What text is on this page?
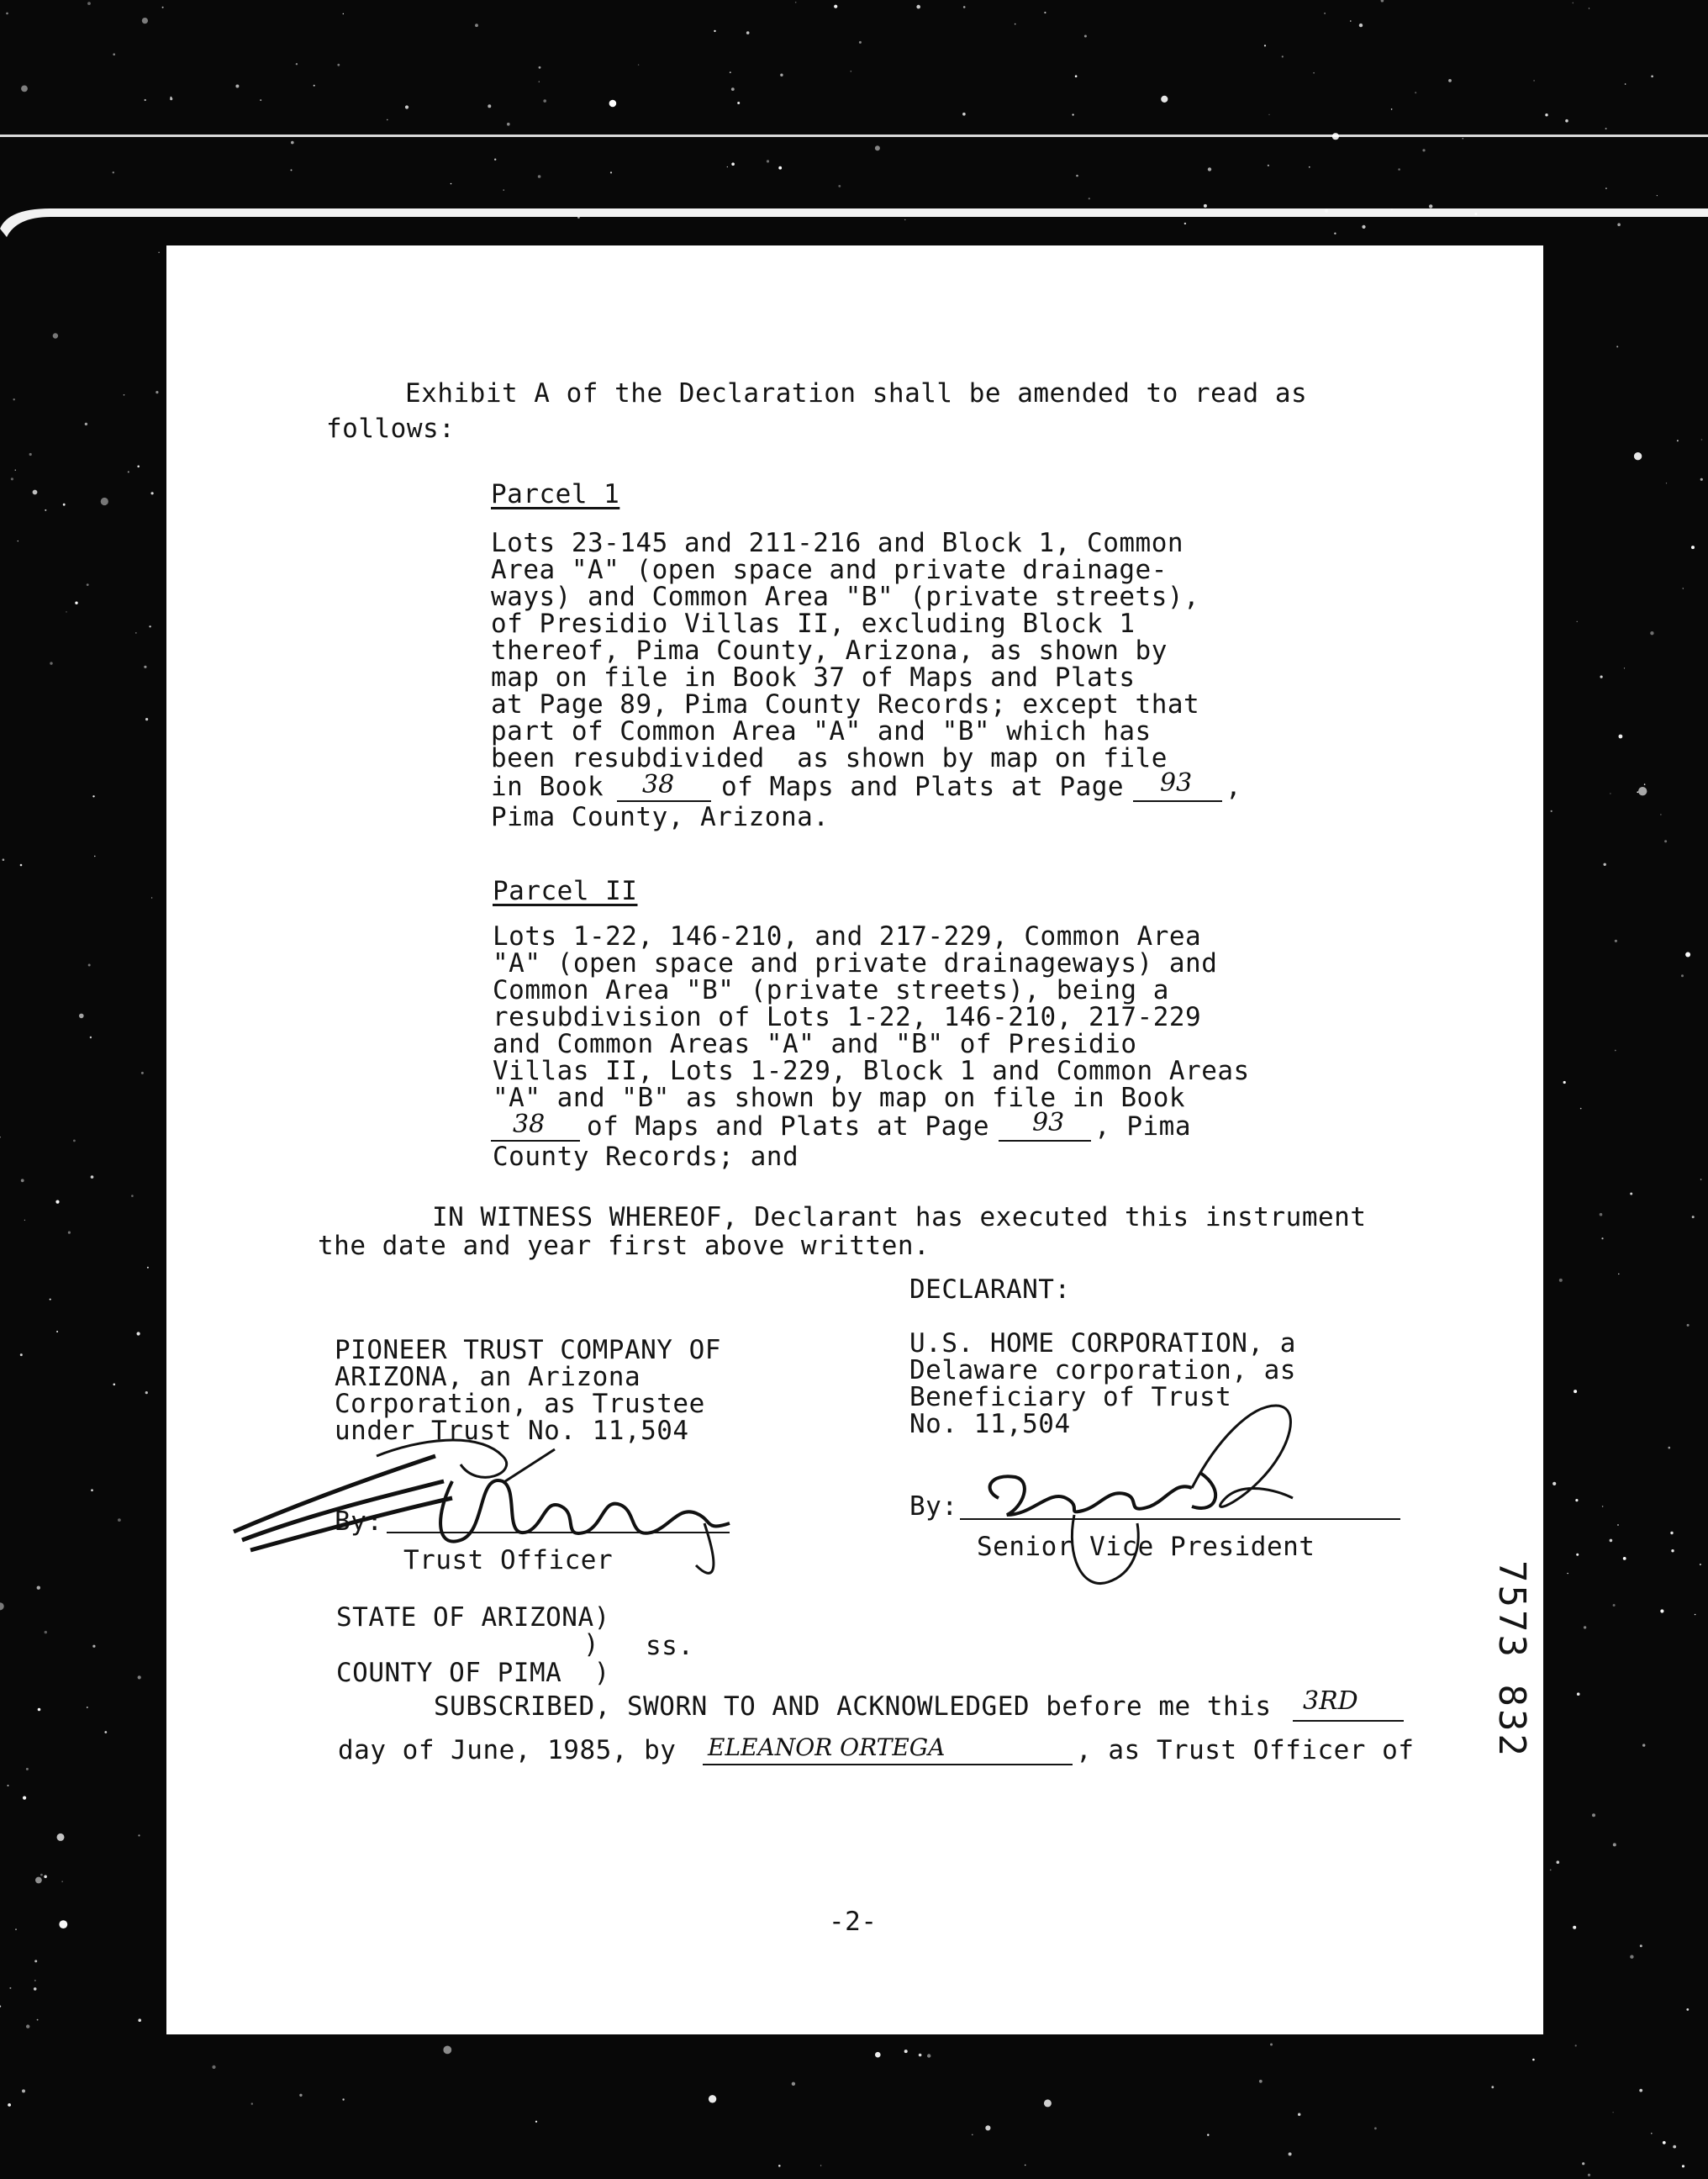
Exhibit A of the Declaration shall be amended to read as
follows:
Parcel 1
Lots 23-145 and 211-216 and Block 1, Common
Area "A" (open space and private drainage-
ways) and Common Area "B" (private streets),
of Presidio Villas II, excluding Block 1
thereof, Pima County, Arizona, as shown by
map on file in Book 37 of Maps and Plats
at Page 89, Pima County Records; except that
part of Common Area "A" and "B" which has
been resubdivided  as shown by map on file
in Book 38 of Maps and Plats at Page 93 ,
Pima County, Arizona.
Parcel II
Lots 1-22, 146-210, and 217-229, Common Area
"A" (open space and private drainageways) and
Common Area "B" (private streets), being a
resubdivision of Lots 1-22, 146-210, 217-229
and Common Areas "A" and "B" of Presidio
Villas II, Lots 1-229, Block 1 and Common Areas
"A" and "B" as shown by map on file in Book
38 of Maps and Plats at Page 93 , Pima
County Records; and
IN WITNESS WHEREOF, Declarant has executed this instrument
the date and year first above written.
DECLARANT:
PIONEER TRUST COMPANY OF
ARIZONA, an Arizona
Corporation, as Trustee
under Trust No. 11,504
By:
Trust Officer
U.S. HOME CORPORATION, a
Delaware corporation, as
Beneficiary of Trust
No. 11,504
By:
Senior Vice President
STATE OF ARIZONA)
) ss.
COUNTY OF PIMA  )
SUBSCRIBED, SWORN TO AND ACKNOWLEDGED before me this 3RD
day of June, 1985, by ELEANOR ORTEGA	, as Trust Officer of
-2-
7573 832
